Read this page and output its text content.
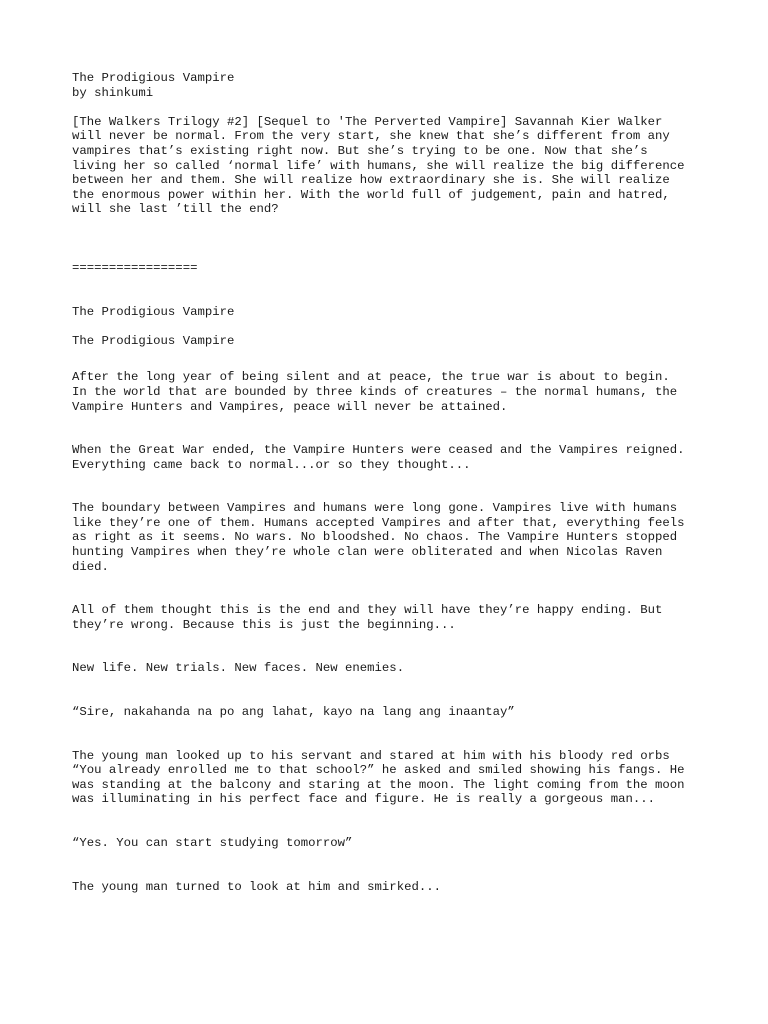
The Prodigious Vampire
by shinkumi
[The Walkers Trilogy #2] [Sequel to 'The Perverted Vampire] Savannah Kier Walker
will never be normal. From the very start, she knew that she’s different from any
vampires that’s existing right now. But she’s trying to be one. Now that she’s
living her so called ‘normal life’ with humans, she will realize the big difference
between her and them. She will realize how extraordinary she is. She will realize
the enormous power within her. With the world full of judgement, pain and hatred,
will she last ’till the end?
=================
The Prodigious Vampire
The Prodigious Vampire
After the long year of being silent and at peace, the true war is about to begin.
In the world that are bounded by three kinds of creatures – the normal humans, the
Vampire Hunters and Vampires, peace will never be attained.
When the Great War ended, the Vampire Hunters were ceased and the Vampires reigned.
Everything came back to normal...or so they thought...
The boundary between Vampires and humans were long gone. Vampires live with humans
like they’re one of them. Humans accepted Vampires and after that, everything feels
as right as it seems. No wars. No bloodshed. No chaos. The Vampire Hunters stopped
hunting Vampires when they’re whole clan were obliterated and when Nicolas Raven
died.
All of them thought this is the end and they will have they’re happy ending. But
they’re wrong. Because this is just the beginning...
New life. New trials. New faces. New enemies.
“Sire, nakahanda na po ang lahat, kayo na lang ang inaantay”
The young man looked up to his servant and stared at him with his bloody red orbs
“You already enrolled me to that school?” he asked and smiled showing his fangs. He
was standing at the balcony and staring at the moon. The light coming from the moon
was illuminating in his perfect face and figure. He is really a gorgeous man...
“Yes. You can start studying tomorrow”
The young man turned to look at him and smirked...
